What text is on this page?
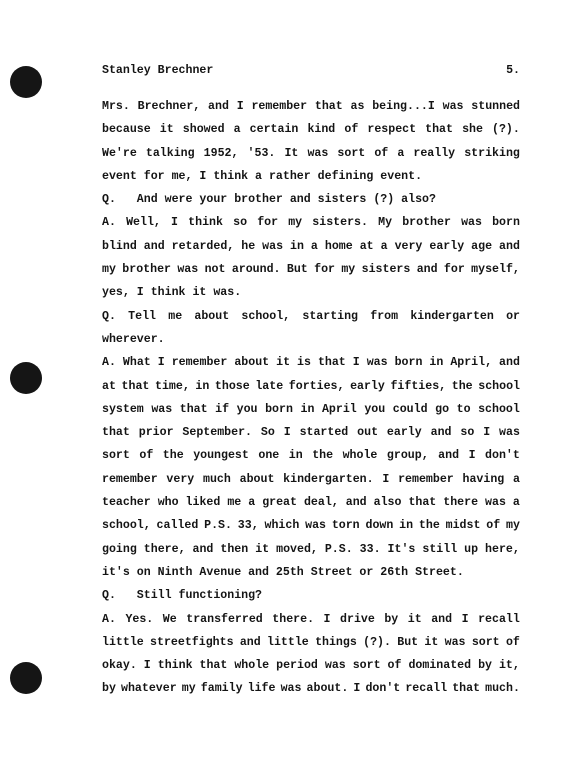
Stanley Brechner	5.
Mrs. Brechner, and I remember that as being...I was stunned
because it showed a certain kind of respect that she (?).
We're talking 1952, '53. It was sort of a really striking
event for me, I think a rather defining event.
Q.   And were your brother and sisters (?) also?
A. Well, I think so for my sisters. My brother was born
blind and retarded, he was in a home at a very early age and
my brother was not around. But for my sisters and for myself,
yes, I think it was.
Q. Tell me about school, starting from kindergarten or
wherever.
A. What I remember about it is that I was born in April, and
at that time, in those late forties, early fifties, the school
system was that if you born in April you could go to school
that prior September. So I started out early and so I was
sort of the youngest one in the whole group, and I don't
remember very much about kindergarten. I remember having a
teacher who liked me a great deal, and also that there was a
school, called P.S. 33, which was torn down in the midst of my
going there, and then it moved, P.S. 33. It's still up here,
it's on Ninth Avenue and 25th Street or 26th Street.
Q.   Still functioning?
A. Yes. We transferred there. I drive by it and I recall
little streetfights and little things (?). But it was sort of
okay. I think that whole period was sort of dominated by it,
by whatever my family life was about. I don't recall that much.
